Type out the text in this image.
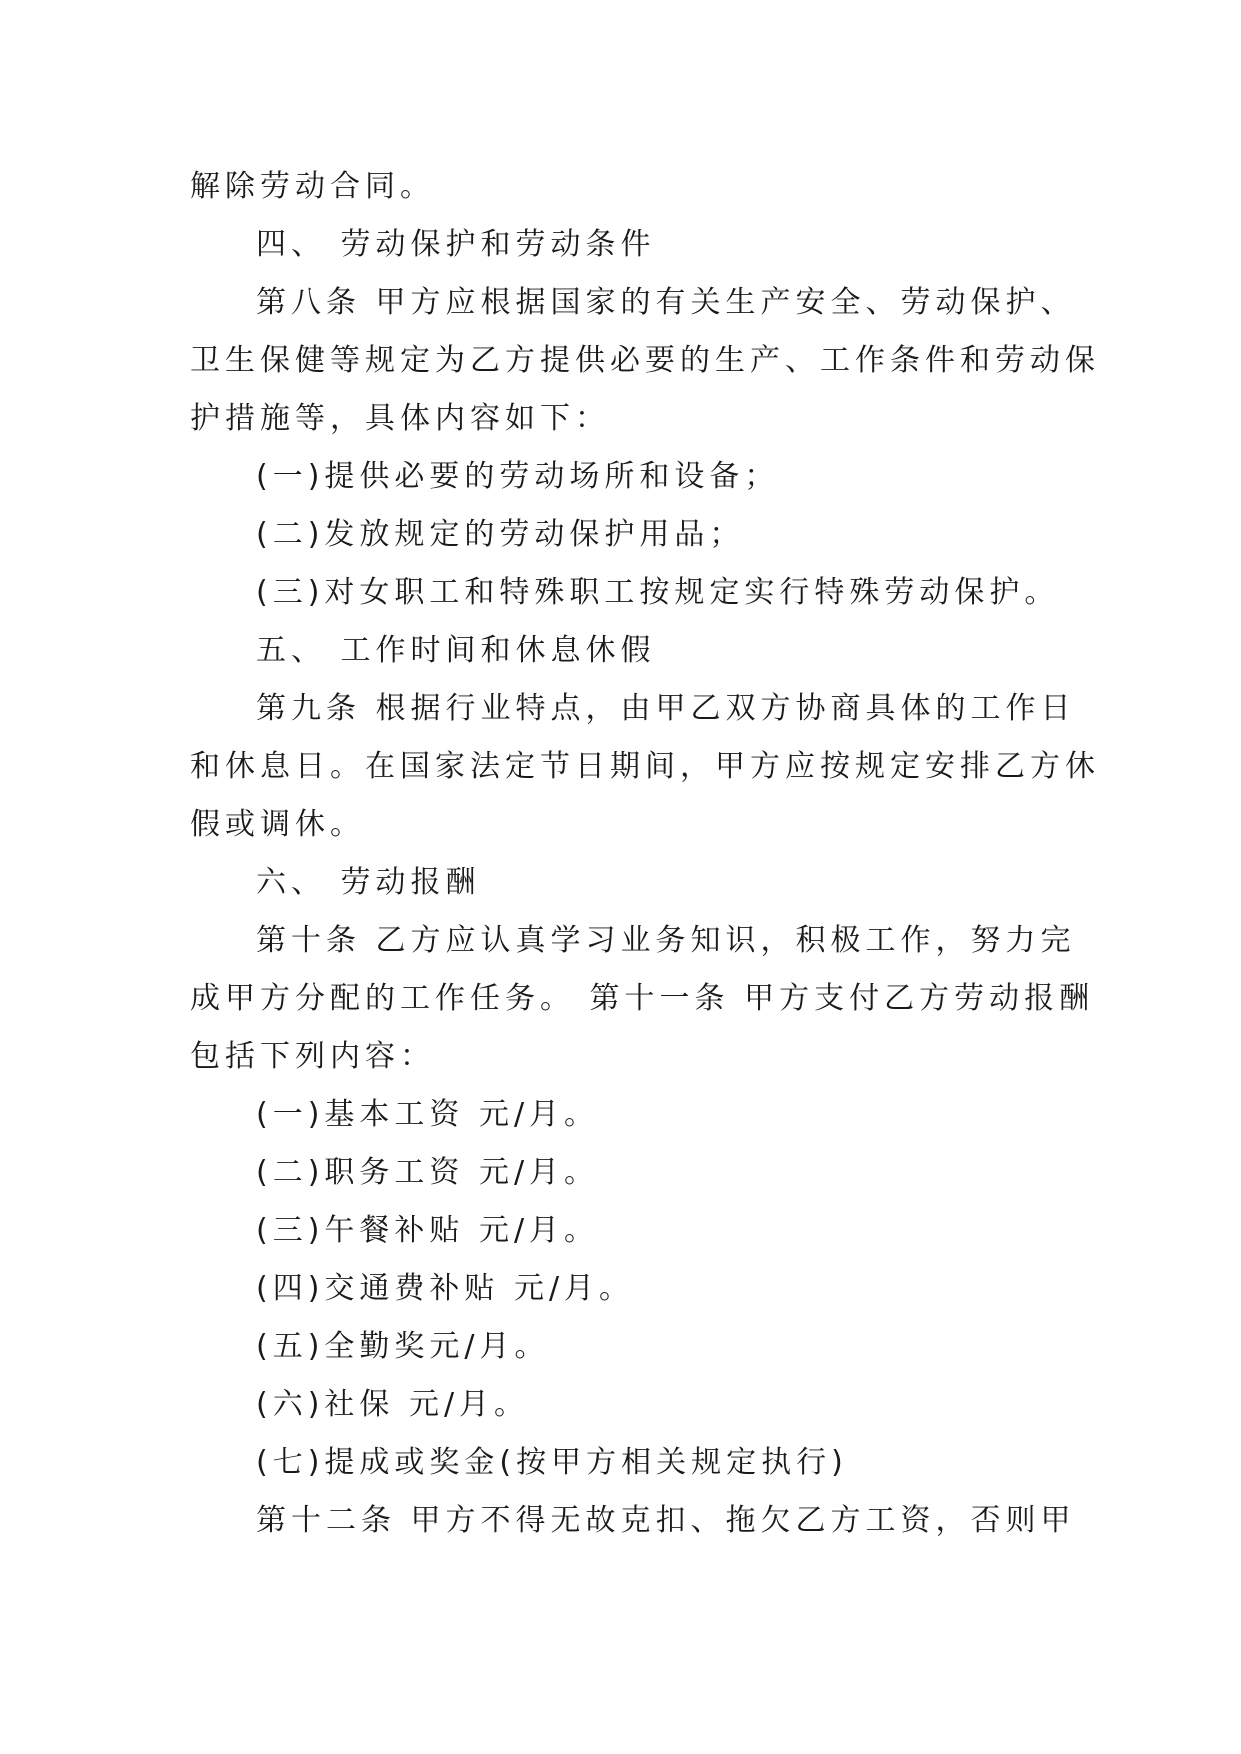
解除劳动合同。

四、 劳动保护和劳动条件

第八条 甲方应根据国家的有关生产安全、劳动保护、

卫生保健等规定为乙方提供必要的生产、工作条件和劳动保

护措施等，具体内容如下：

(一)提供必要的劳动场所和设备；

(二)发放规定的劳动保护用品；

(三)对女职工和特殊职工按规定实行特殊劳动保护。

五、 工作时间和休息休假

第九条 根据行业特点，由甲乙双方协商具体的工作日

和休息日。在国家法定节日期间，甲方应按规定安排乙方休

假或调休。

六、 劳动报酬

第十条 乙方应认真学习业务知识，积极工作，努力完

成甲方分配的工作任务。 第十一条 甲方支付乙方劳动报酬

包括下列内容：

(一)基本工资 元/月。

(二)职务工资 元/月。

(三)午餐补贴 元/月。

(四)交通费补贴 元/月。

(五)全勤奖元/月。

(六)社保 元/月。

(七)提成或奖金(按甲方相关规定执行)

第十二条 甲方不得无故克扣、拖欠乙方工资，否则甲
